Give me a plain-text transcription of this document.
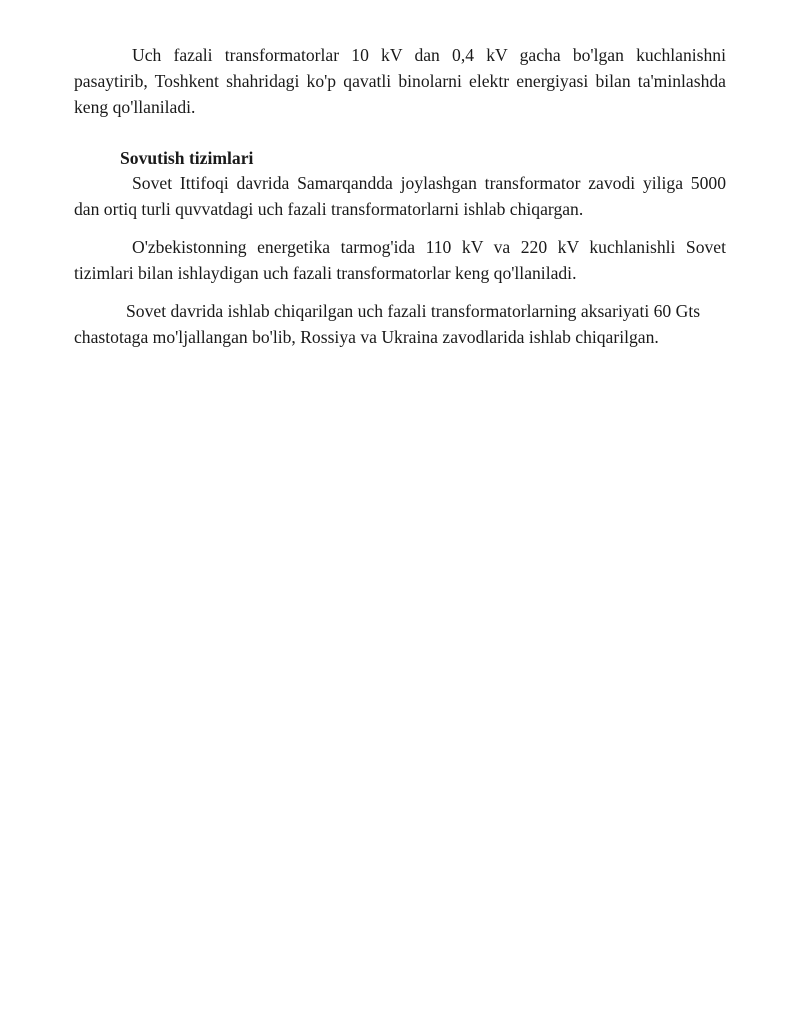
Uch fazali transformatorlar 10 kV dan 0,4 kV gacha bo'lgan kuchlanishni pasaytirib, Toshkent shahridagi ko'p qavatli binolarni elektr energiyasi bilan ta'minlashda keng qo'llaniladi.

Sovutish tizimlari

Sovet Ittifoqi davrida Samarqandda joylashgan transformator zavodi yiliga 5000 dan ortiq turli quvvatdagi uch fazali transformatorlarni ishlab chiqargan.

O'zbekistonning energetika tarmog'ida 110 kV va 220 kV kuchlanishli Sovet tizimlari bilan ishlaydigan uch fazali transformatorlar keng qo'llaniladi.

Sovet davrida ishlab chiqarilgan uch fazali transformatorlarning aksariyati 60 Gts chastotaga mo'ljallangan bo'lib, Rossiya va Ukraina zavodlarida ishlab chiqarilgan.
